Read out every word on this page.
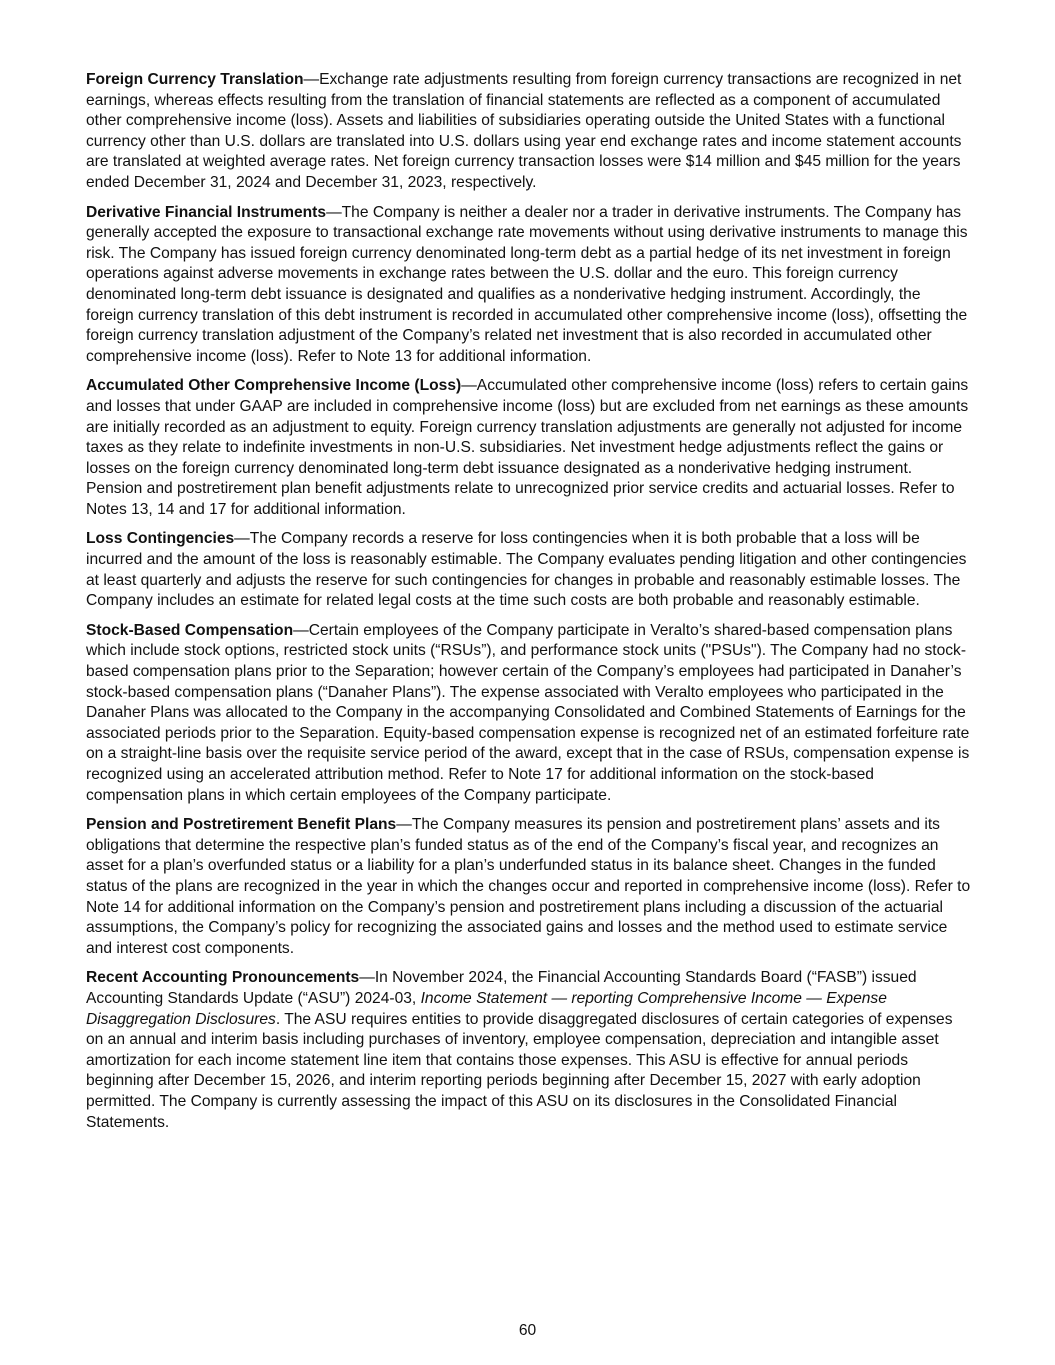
Foreign Currency Translation—Exchange rate adjustments resulting from foreign currency transactions are recognized in net earnings, whereas effects resulting from the translation of financial statements are reflected as a component of accumulated other comprehensive income (loss). Assets and liabilities of subsidiaries operating outside the United States with a functional currency other than U.S. dollars are translated into U.S. dollars using year end exchange rates and income statement accounts are translated at weighted average rates. Net foreign currency transaction losses were $14 million and $45 million for the years ended December 31, 2024 and December 31, 2023, respectively.

Derivative Financial Instruments—The Company is neither a dealer nor a trader in derivative instruments. The Company has generally accepted the exposure to transactional exchange rate movements without using derivative instruments to manage this risk. The Company has issued foreign currency denominated long-term debt as a partial hedge of its net investment in foreign operations against adverse movements in exchange rates between the U.S. dollar and the euro. This foreign currency denominated long-term debt issuance is designated and qualifies as a nonderivative hedging instrument. Accordingly, the foreign currency translation of this debt instrument is recorded in accumulated other comprehensive income (loss), offsetting the foreign currency translation adjustment of the Company’s related net investment that is also recorded in accumulated other comprehensive income (loss). Refer to Note 13 for additional information.

Accumulated Other Comprehensive Income (Loss)—Accumulated other comprehensive income (loss) refers to certain gains and losses that under GAAP are included in comprehensive income (loss) but are excluded from net earnings as these amounts are initially recorded as an adjustment to equity. Foreign currency translation adjustments are generally not adjusted for income taxes as they relate to indefinite investments in non-U.S. subsidiaries. Net investment hedge adjustments reflect the gains or losses on the foreign currency denominated long-term debt issuance designated as a nonderivative hedging instrument. Pension and postretirement plan benefit adjustments relate to unrecognized prior service credits and actuarial losses. Refer to Notes 13, 14 and 17 for additional information.

Loss Contingencies—The Company records a reserve for loss contingencies when it is both probable that a loss will be incurred and the amount of the loss is reasonably estimable. The Company evaluates pending litigation and other contingencies at least quarterly and adjusts the reserve for such contingencies for changes in probable and reasonably estimable losses. The Company includes an estimate for related legal costs at the time such costs are both probable and reasonably estimable.

Stock-Based Compensation—Certain employees of the Company participate in Veralto’s shared-based compensation plans which include stock options, restricted stock units (“RSUs”), and performance stock units ("PSUs"). The Company had no stock-based compensation plans prior to the Separation; however certain of the Company’s employees had participated in Danaher’s stock-based compensation plans (“Danaher Plans”). The expense associated with Veralto employees who participated in the Danaher Plans was allocated to the Company in the accompanying Consolidated and Combined Statements of Earnings for the associated periods prior to the Separation. Equity-based compensation expense is recognized net of an estimated forfeiture rate on a straight-line basis over the requisite service period of the award, except that in the case of RSUs, compensation expense is recognized using an accelerated attribution method. Refer to Note 17 for additional information on the stock-based compensation plans in which certain employees of the Company participate.

Pension and Postretirement Benefit Plans—The Company measures its pension and postretirement plans’ assets and its obligations that determine the respective plan’s funded status as of the end of the Company’s fiscal year, and recognizes an asset for a plan’s overfunded status or a liability for a plan’s underfunded status in its balance sheet. Changes in the funded status of the plans are recognized in the year in which the changes occur and reported in comprehensive income (loss). Refer to Note 14 for additional information on the Company’s pension and postretirement plans including a discussion of the actuarial assumptions, the Company’s policy for recognizing the associated gains and losses and the method used to estimate service and interest cost components.

Recent Accounting Pronouncements—In November 2024, the Financial Accounting Standards Board (“FASB”) issued Accounting Standards Update (“ASU”) 2024-03, Income Statement — reporting Comprehensive Income — Expense Disaggregation Disclosures. The ASU requires entities to provide disaggregated disclosures of certain categories of expenses on an annual and interim basis including purchases of inventory, employee compensation, depreciation and intangible asset amortization for each income statement line item that contains those expenses. This ASU is effective for annual periods beginning after December 15, 2026, and interim reporting periods beginning after December 15, 2027 with early adoption permitted. The Company is currently assessing the impact of this ASU on its disclosures in the Consolidated Financial Statements.

60
